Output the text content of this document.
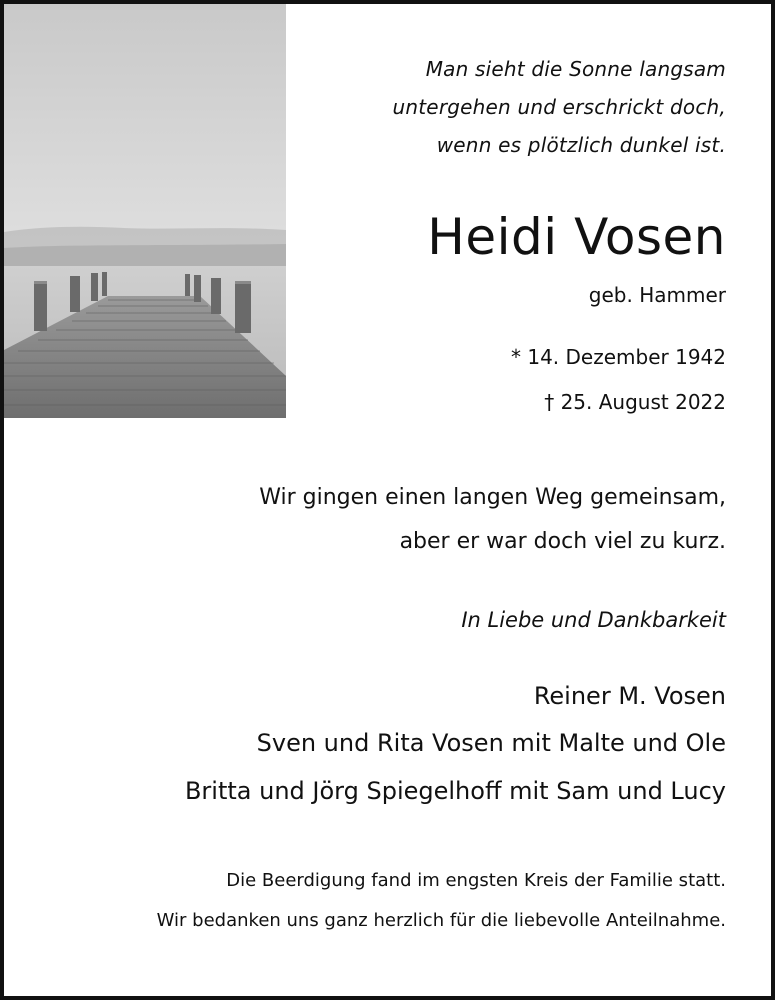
Man sieht die Sonne langsam

untergehen und erschrickt doch,

wenn es plötzlich dunkel ist.

Heidi Vosen

geb. Hammer

* 14. Dezember 1942

† 25. August 2022

Wir gingen einen langen Weg gemeinsam,

aber er war doch viel zu kurz.

In Liebe und Dankbarkeit

Reiner M. Vosen

Sven und Rita Vosen mit Malte und Ole

Britta und Jörg Spiegelhoff mit Sam und Lucy

Die Beerdigung fand im engsten Kreis der Familie statt.

Wir bedanken uns ganz herzlich für die liebevolle Anteilnahme.
